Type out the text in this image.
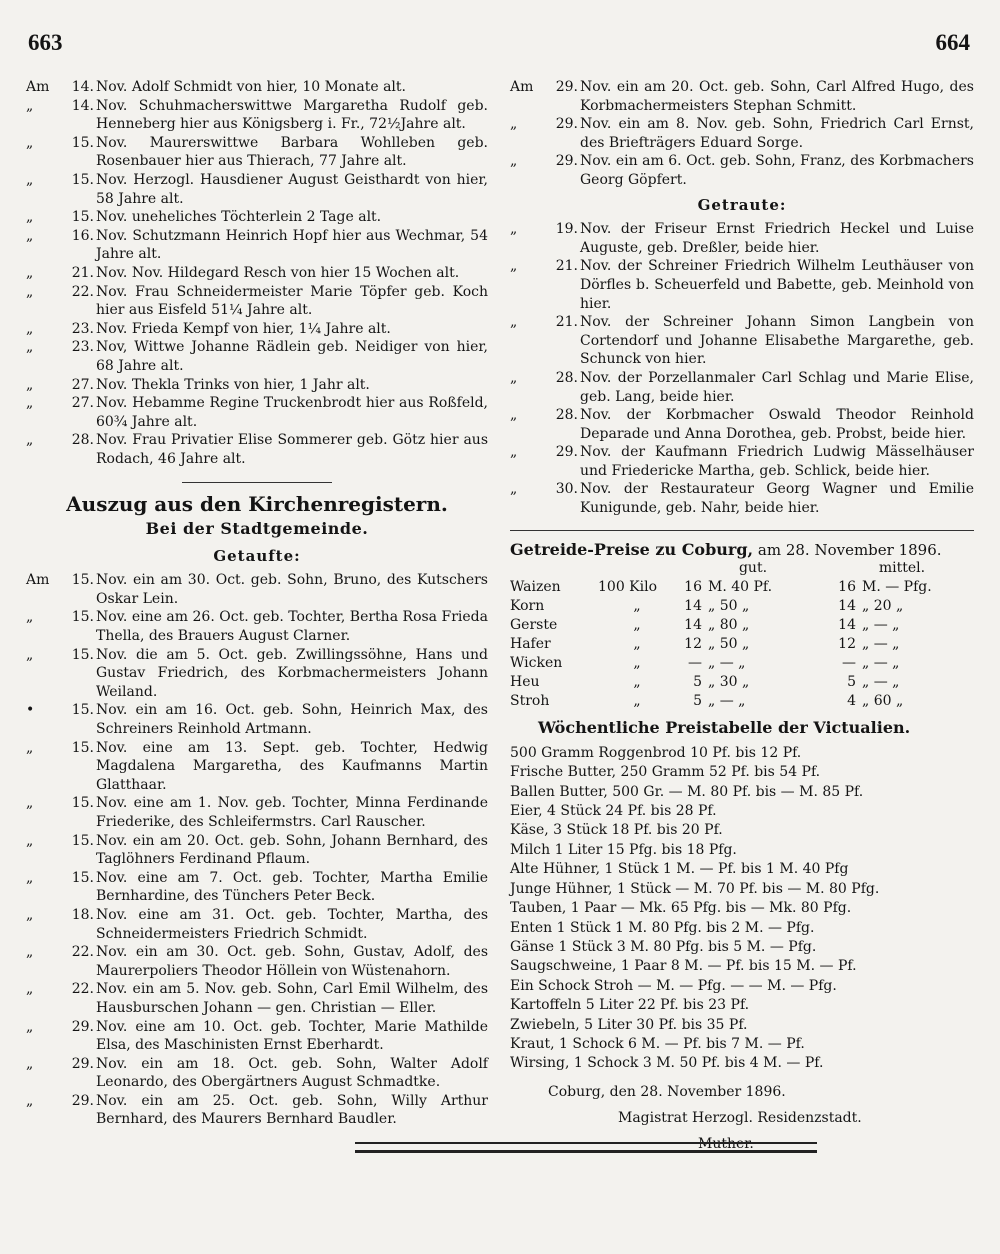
663	664
Am	14. Nov. Adolf Schmidt von hier, 10 Monate alt.
„	14. Nov. Schuhmacherswittwe Margaretha Rudolf geb. Henneberg hier aus Königsberg i. Fr., 72½Jahre alt.
„	15. Nov. Maurerswittwe Barbara Wohlleben geb. Rosenbauer hier aus Thierach, 77 Jahre alt.
„	15. Nov. Herzogl. Hausdiener August Geisthardt von hier, 58 Jahre alt.
„	15. Nov. uneheliches Töchterlein 2 Tage alt.
„	16. Nov. Schutzmann Heinrich Hopf hier aus Wechmar, 54 Jahre alt.
„	21. Nov. Nov. Hildegard Resch von hier 15 Wochen alt.
„	22. Nov. Frau Schneidermeister Marie Töpfer geb. Koch hier aus Eisfeld 51¼ Jahre alt.
„	23. Nov. Frieda Kempf von hier, 1¼ Jahre alt.
„	23. Nov, Wittwe Johanne Rädlein geb. Neidiger von hier, 68 Jahre alt.
„	27. Nov. Thekla Trinks von hier, 1 Jahr alt.
„	27. Nov. Hebamme Regine Truckenbrodt hier aus Roßfeld, 60¾ Jahre alt.
„	28. Nov. Frau Privatier Elise Sommerer geb. Götz hier aus Rodach, 46 Jahre alt.
Auszug aus den Kirchenregistern.
Bei der Stadtgemeinde.
Getaufte:
Am	15. Nov. ein am 30. Oct. geb. Sohn, Bruno, des Kutschers Oskar Lein.
„	15. Nov. eine am 26. Oct. geb. Tochter, Bertha Rosa Frieda Thella, des Brauers August Clarner.
„	15. Nov. die am 5. Oct. geb. Zwillingssöhne, Hans und Gustav Friedrich, des Korbmachermeisters Johann Weiland.
•	15. Nov. ein am 16. Oct. geb. Sohn, Heinrich Max, des Schreiners Reinhold Artmann.
„	15. Nov. eine am 13. Sept. geb. Tochter, Hedwig Magdalena Margaretha, des Kaufmanns Martin Glatthaar.
„	15. Nov. eine am 1. Nov. geb. Tochter, Minna Ferdinande Friederike, des Schleifermstrs. Carl Rauscher.
„	15. Nov. ein am 20. Oct. geb. Sohn, Johann Bernhard, des Taglöhners Ferdinand Pflaum.
„	15. Nov. eine am 7. Oct. geb. Tochter, Martha Emilie Bernhardine, des Tünchers Peter Beck.
„	18. Nov. eine am 31. Oct. geb. Tochter, Martha, des Schneidermeisters Friedrich Schmidt.
„	22. Nov. ein am 30. Oct. geb. Sohn, Gustav, Adolf, des Maurerpoliers Theodor Höllein von Wüstenahorn.
„	22. Nov. ein am 5. Nov. geb. Sohn, Carl Emil Wilhelm, des Hausburschen Johann — gen. Christian — Eller.
„	29. Nov. eine am 10. Oct. geb. Tochter, Marie Mathilde Elsa, des Maschinisten Ernst Eberhardt.
„	29. Nov. ein am 18. Oct. geb. Sohn, Walter Adolf Leonardo, des Obergärtners August Schmadtke.
„	29. Nov. ein am 25. Oct. geb. Sohn, Willy Arthur Bernhard, des Maurers Bernhard Baudler.
Am	29. Nov. ein am 20. Oct. geb. Sohn, Carl Alfred Hugo, des Korbmachermeisters Stephan Schmitt.
„	29. Nov. ein am 8. Nov. geb. Sohn, Friedrich Carl Ernst, des Briefträgers Eduard Sorge.
„	29. Nov. ein am 6. Oct. geb. Sohn, Franz, des Korbmachers Georg Göpfert.
Getraute:
„	19. Nov. der Friseur Ernst Friedrich Heckel und Luise Auguste, geb. Dreßler, beide hier.
„	21. Nov. der Schreiner Friedrich Wilhelm Leuthäuser von Dörfles b. Scheuerfeld und Babette, geb. Meinhold von hier.
„	21. Nov. der Schreiner Johann Simon Langbein von Cortendorf und Johanne Elisabethe Margarethe, geb. Schunck von hier.
„	28. Nov. der Porzellanmaler Carl Schlag und Marie Elise, geb. Lang, beide hier.
„	28. Nov. der Korbmacher Oswald Theodor Reinhold Deparade und Anna Dorothea, geb. Probst, beide hier.
„	29. Nov. der Kaufmann Friedrich Ludwig Mässelhäuser und Friedericke Martha, geb. Schlick, beide hier.
„	30. Nov. der Restaurateur Georg Wagner und Emilie Kunigunde, geb. Nahr, beide hier.
Getreide-Preise zu Coburg, am 28. November 1896.
		gut.		mittel.	
Waizen	100 Kilo	16	M. 40 Pf.	16	M. — Pfg.
Korn	„	14	„ 50 „	14	„ 20 „
Gerste	„	14	„ 80 „	14	„ — „
Hafer	„	12	„ 50 „	12	„ — „
Wicken	„	—	„ — „	—	„ — „
Heu	„	5	„ 30 „	5	„ — „
Stroh	„	5	„ — „	4	„ 60 „
Wöchentliche Preistabelle der Victualien.
500 Gramm Roggenbrod 10 Pf. bis 12 Pf.
Frische Butter, 250 Gramm 52 Pf. bis 54 Pf.
Ballen Butter, 500 Gr. — M. 80 Pf. bis — M. 85 Pf.
Eier, 4 Stück 24 Pf. bis 28 Pf.
Käse, 3 Stück 18 Pf. bis 20 Pf.
Milch 1 Liter 15 Pfg. bis 18 Pfg.
Alte Hühner, 1 Stück 1 M. — Pf. bis 1 M. 40 Pfg
Junge Hühner, 1 Stück — M. 70 Pf. bis — M. 80 Pfg.
Tauben, 1 Paar — Mk. 65 Pfg. bis — Mk. 80 Pfg.
Enten 1 Stück 1 M. 80 Pfg. bis 2 M. — Pfg.
Gänse 1 Stück 3 M. 80 Pfg. bis 5 M. — Pfg.
Saugschweine, 1 Paar 8 M. — Pf. bis 15 M. — Pf.
Ein Schock Stroh — M. — Pfg. — — M. — Pfg.
Kartoffeln 5 Liter 22 Pf. bis 23 Pf.
Zwiebeln, 5 Liter 30 Pf. bis 35 Pf.
Kraut, 1 Schock 6 M. — Pf. bis 7 M. — Pf.
Wirsing, 1 Schock 3 M. 50 Pf. bis 4 M. — Pf.
Coburg, den 28. November 1896.
Magistrat Herzogl. Residenzstadt.
Muther.
